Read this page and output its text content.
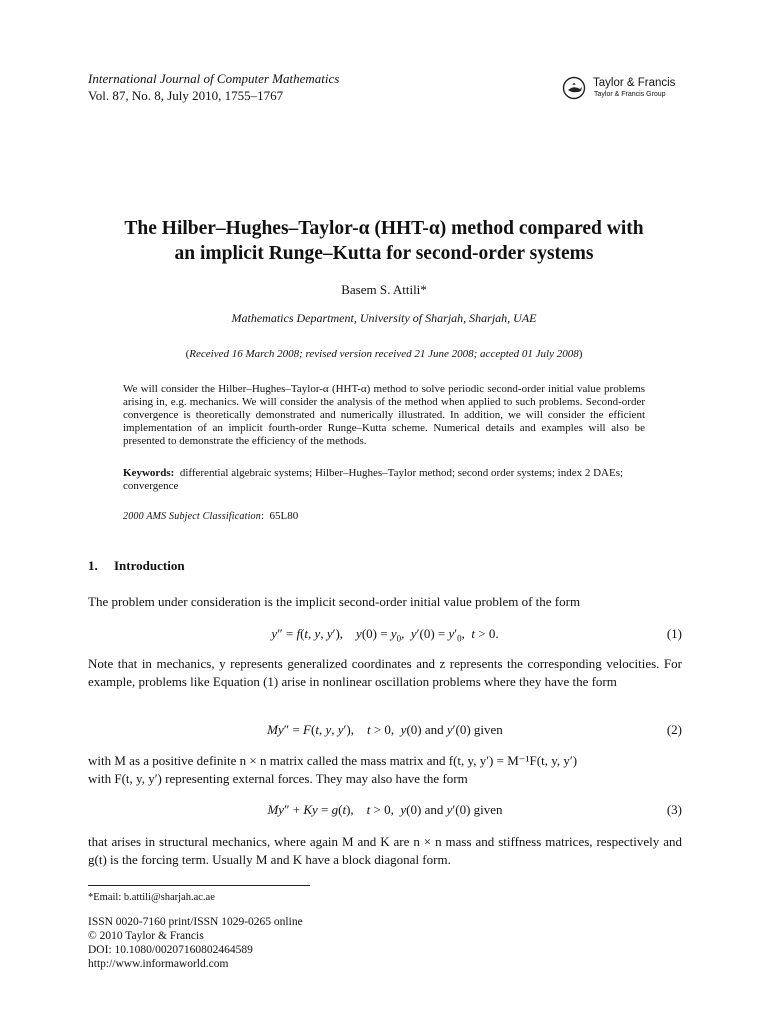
International Journal of Computer Mathematics
Vol. 87, No. 8, July 2010, 1755–1767
Taylor & Francis
Taylor & Francis Group
The Hilber–Hughes–Taylor-α (HHT-α) method compared with
an implicit Runge–Kutta for second-order systems
Basem S. Attili*
Mathematics Department, University of Sharjah, Sharjah, UAE
(Received 16 March 2008; revised version received 21 June 2008; accepted 01 July 2008)
We will consider the Hilber–Hughes–Taylor-α (HHT-α) method to solve periodic second-order initial value problems arising in, e.g. mechanics. We will consider the analysis of the method when applied to such problems. Second-order convergence is theoretically demonstrated and numerically illustrated. In addition, we will consider the efficient implementation of an implicit fourth-order Runge–Kutta scheme. Numerical details and examples will also be presented to demonstrate the efficiency of the methods.
Keywords: differential algebraic systems; Hilber–Hughes–Taylor method; second order systems; index 2 DAEs; convergence
2000 AMS Subject Classification:  65L80
1. Introduction
The problem under consideration is the implicit second-order initial value problem of the form
y″ = f(t, y, y′),    $y(0) = y_0$,  $y'(0) = y'_0$,  t > 0.	(1)
Note that in mechanics, y represents generalized coordinates and z represents the corresponding velocities. For example, problems like Equation (1) arise in nonlinear oscillation problems where they have the form
My″ = F(t, y, y′),    t > 0,  y(0) and y′(0) given	(2)
with M as a positive definite n × n matrix called the mass matrix and f(t, y, y′) = M⁻¹F(t, y, y′)
with F(t, y, y′) representing external forces. They may also have the form
My″ + Ky = g(t),    t > 0,  y(0) and y′(0) given	(3)
that arises in structural mechanics, where again M and K are n × n mass and stiffness matrices, respectively and g(t) is the forcing term. Usually M and K have a block diagonal form.
*Email: b.attili@sharjah.ac.ae
ISSN 0020-7160 print/ISSN 1029-0265 online
© 2010 Taylor & Francis
DOI: 10.1080/00207160802464589
http://www.informaworld.com
